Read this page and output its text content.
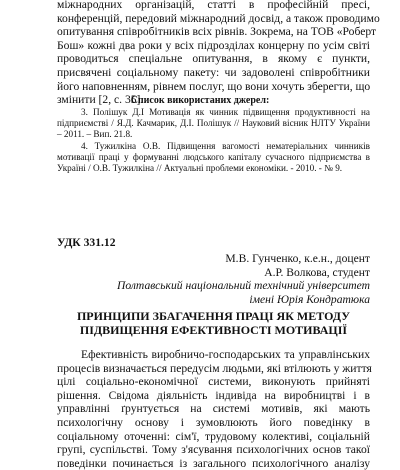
міжнародних організацій, статті в професійній пресі,
конференцій, передовий міжнародний досвід, а також проводимо
опитування співробітників всіх рівнів. Зокрема, на ТОВ «Роберт
Бош» кожні два роки у всіх підрозділах концерну по усім світі
проводиться спеціальне опитування, в якому є пункти,
присвячені соціальному пакету: чи задоволені співробітники
його наповненням, рівнем послуг, що вони хочуть зберегти, що
змінити [2, с. 35].

Список використаних джерел:

3. Полішук Д.І Мотивація як чинник підвищення продуктивності на
підприємстві / Я.Д. Качмарик, Д.І. Полішук // Науковий вісник НЛТУ України
– 2011. – Вип. 21.8.
4. Тужилкіна О.В. Підвищення вагомості нематеріальних чинників
мотивації праці у формуванні людського капіталу сучасного підприємства в
Україні / О.В. Тужилкіна // Актуальні проблеми економіки. - 2010. - № 9.

УДК 331.12

М.В. Гунченко, к.е.н., доцент
А.Р. Волкова, студент
Полтавський національний технічний університет
імені Юрія Кондратюка
ПРИНЦИПИ ЗБАГАЧЕННЯ ПРАЦІ ЯК МЕТОДУ
ПІДВИЩЕННЯ ЕФЕКТИВНОСТІ МОТИВАЦІЇ
Ефективність виробничо-господарських та управлінських
процесів визначається передусім людьми, які втілюють у життя
цілі соціально-економічної системи, виконують прийняті
рішення. Свідома діяльність індивіда на виробництві і в
управлінні ґрунтується на системі мотивів, які мають
психологічну основу і зумовлюють його поведінку в
соціальному оточенні: сім'ї, трудовому колективі, соціальній
групі, суспільстві. Тому з'ясування психологічних основ такої
поведінки починається із загального психологічного аналізу
